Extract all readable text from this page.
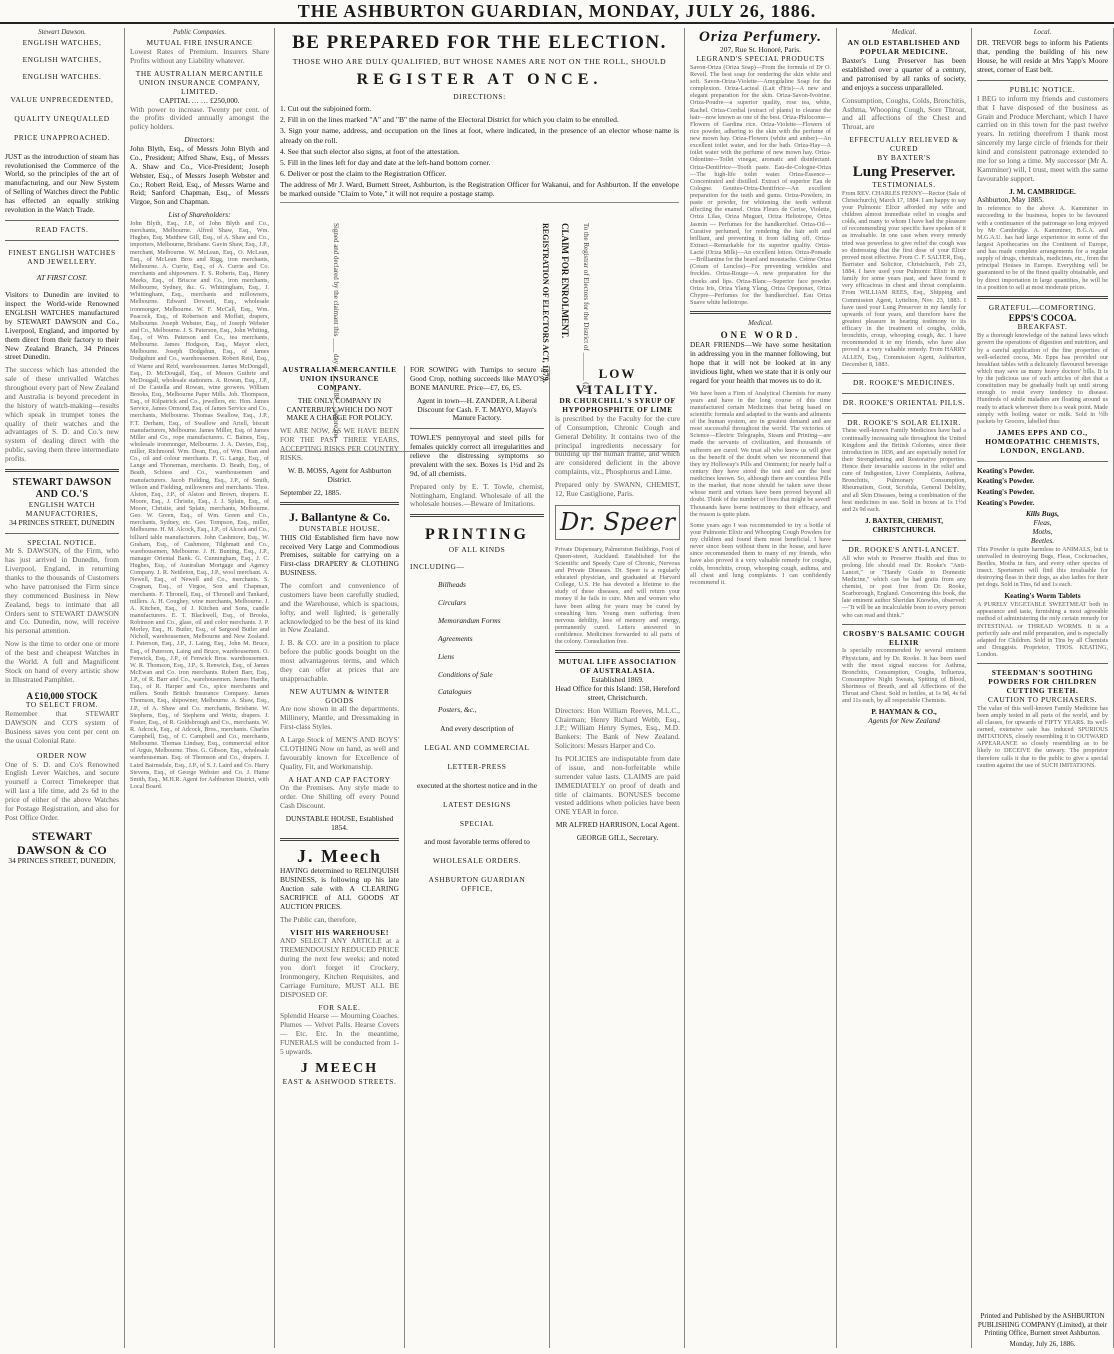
THE ASHBURTON GUARDIAN, MONDAY, JULY 26, 1886.
Stewart Dawson.
ENGLISH WATCHES,
ENGLISH WATCHES,
ENGLISH WATCHES.
VALUE UNPRECEDENTED,
QUALITY UNEQUALLED
PRICE UNAPPROACHED.

JUST as the introduction of steam has revolutionised the Commerce of the World, so the principles of the art of manufacturing, and our New System of Selling of Watches direct the Public has effected an equally striking revolution in the Watch Trade.

READ FACTS.
FINEST ENGLISH WATCHES AND JEWELLERY.
AT FIRST COST.

Visitors to Dunedin are invited to inspect the World-wide Renowned ENGLISH WATCHES manufactured by STEWART DAWSON and Co., Liverpool, England, and imported by them direct from their factory to their New Zealand Branch, 34 Princes street Dunedin.

The success which has attended the sale of these unrivalled Watches throughout every part of New Zealand and Australia is beyond precedent in the history of watch-making—results which speak in trumpet tones the quality of their watches and the advantages of S. D. and Co.'s new system of dealing direct with the public, saving them three intermediate profits.

STEWART DAWSON AND CO.'S
ENGLISH WATCH MANUFACTORIES,
34 PRINCES STREET, DUNEDIN
SPECIAL NOTICE.

Mr S. DAWSON, of the Firm, who has just arrived in Dunedin, from Liverpool, England, in returning thanks to the thousands of Customers who have patronised the Firm since they commenced Business in New Zealand, begs to intimate that all Orders sent to STEWART DAWSON and Co. Dunedin, now, will receive his personal attention.

Now is the time to order one or more of the best and cheapest Watches in the World. A full and Magnificent Stock on hand of every artistic show in Illustrated Pamphlet.

A £10,000 STOCK
TO SELECT FROM.

Remember that STEWART DAWSON and CO'S system of Business saves you cent per cent on the usual Colonial Rate.

ORDER NOW

One of S. D. and Co's Renowned English Lever Watches, and secure yourself a Correct Timekeeper that will last a life time, add 2s 6d to the price of either of the above Watches for Postage Registration, and also for Post Office Order.

STEWART DAWSON & CO
34 PRINCES STREET, DUNEDIN,
Public Companies.
MUTUAL FIRE INSURANCE

Lowest Rates of Premium. Insurers Share Profits without any Liability whatever.

THE AUSTRALIAN MERCANTILE UNION INSURANCE COMPANY, LIMITED.
CAPITAL … … £250,000.

With power to increase. Twenty per cent. of the profits divided annually amongst the policy holders.

Directors:

John Blyth, Esq., of Messrs John Blyth and Co., President; Alfred Shaw, Esq., of Messrs A. Shaw and Co., Vice-President; Joseph Webster, Esq., of Messrs Joseph Webster and Co.; Robert Reid, Esq., of Messrs Warne and Reid; Sanford Chapman, Esq., of Messrs Virgoe, Son and Chapman.

List of Shareholders:

John Blyth, Esq., J.P., of John Blyth and Co., merchants, Melbourne. Alfred Shaw, Esq., Wm. Hughes, Esq. Matthew Gill, Esq., of A. Shaw and Co., importers, Melbourne, Brisbane. Gavin Shaw, Esq., J.P., merchant, Melbourne. W. McLean, Esq., O. McLean, Esq., of McLean Bros and Rigg, iron merchants, Melbourne. A. Currie, Esq., of A. Currie and Co. merchants and shipowners. F. S. Roberts, Esq., Henry Meeks, Esq., of Briscoe and Co., iron merchants, Melbourne, Sydney, &c. G. Whittingham, Esq., J. Whittingham, Esq., merchants and millowners, Melbourne. Edward Dowsett, Esq., wholesale ironmonger, Melbourne. W. F. McCall, Esq., Wm. Peacock, Esq., of Robertson and Moffatt, drapers, Melbourne. Joseph Webster, Esq., of Joseph Webster and Co., Melbourne. J. S. Paterson, Esq., John Whiting, Esq., of Wm. Paterson and Co., tea merchants, Melbourne. James Hodgson, Esq., Mayor elect, Melbourne. Joseph Dodgshun, Esq., of James Dodgshun and Co., warehousemen. Robert Reid, Esq., of Warne and Reid, warehousemen. James McDongall, Esq., D. McDougall, Esq., of Messrs Guthrie and McDougall, wholesale stationers. A. Rowan, Esq., J.P., of De Castella and Rowan, wine growers. William Brooks, Esq., Melbourne Paper Mills. Job. Thompson, Esq., of Kilpatrick and Co., jewellers, etc. Hon. James Service, James Ormond, Esq. of James Service and Co., merchants, Melbourne. Thomas Swallow, Esq., J.P., F.T. Derham, Esq., of Swallow and Ariell, biscuit manufacturers, Melbourne. James Miller, Esq. of James Miller and Co., rope manufacturers. C. Baines, Esq., wholesale ironmonger, Melbourne. J. A. Davies, Esq., miller, Richmond. Wm. Dean, Esq., of Wm. Dean and Co., oil and colour merchants. F. G. Lange, Esq., of Lange and Thoneman, merchants. D. Beath, Esq., of Beath, Schiess and Co., warehousemen and manufacturers. Jacob Fielding, Esq., J.P., of Smith, Wilson and Fielding, millowners and merchants. Thos. Alston, Esq., J.P., of Alston and Brown, drapers. E. Moore, Esq., J. Christie, Esq., J. J. Splain, Esq., of Moore, Christie, and Splain, merchants, Melbourne. Geo. W. Green, Esq., of Wm. Green and Co., merchants, Sydney, etc. Geo. Tompson, Esq., miller, Melbourne. H. M. Alcock, Esq., J.P., of Alcock and Co., billiard table manufacturers. John Cashmore, Esq., W. Graham, Esq., of Cashmore, Tilghmatt and Co., warehousemen, Melbourne. J. H. Bunting, Esq., J.P., manager Oriental Bank. G. Cunningham, Esq., J. C. Hughes, Esq., of Australian Mortgage and Agency Company. J. R. Nettleton, Esq., J.P., wool merchant. A. Newell, Esq., of Newell and Co., merchants. S. Cragnan, Esq., of Virgoe, Son and Chapman, merchants. F. Thronell, Esq., of Thronell and Tankard, millers. A. H. Coughey, wine merchants, Melbourne. J. A. Kitchen, Esq., of J. Kitchen and Sons, candle manufacturers. E. T. Blackwell, Esq., of Brooks, Robinson and Co., glass, oil and color merchants. J. P. Morley, Esq., H. Butler, Esq., of Sargood Butler and Nicholl, warehousemen, Melbourne and New Zealand. J. Paterson, Esq., J.P., J. Laing, Esq., John M. Bruce, Esq., of Paterson, Laing and Bruce, warehousemen. O. Fenwick, Esq., J.P., of Fenwick Bros. warehousemen. W. R. Thomson, Esq., J.P., S. Renwick, Esq., of James McEwan and Co. iron merchants. Robert Barr, Esq., J.P., of R. Barr and Co., warehousemen. James Hardie, Esq., of R. Harper and Co., spice merchants and millers. South British Insurance Company. James Thomson, Esq., shipowner, Melbourne. A. Shaw, Esq., J.P., of A. Shaw and Co. merchants, Brisbane. W. Stephens, Esq., of Stephens and Weitz, drapers. J. Foster, Esq., of R. Goldsbrough and Co., merchants. W. R. Adcock, Esq., of Adcock, Bros., merchants. Charles Campbell, Esq., of C. Campbell and Co., merchants, Melbourne. Thomas Lindsay, Esq., commercial editor of Argus, Melbourne. Thos. G. Gibson, Esq., wholesale warehouseman. Esq. of Thomson and Co., drapers. J. Laird Bairnsdale, Esq., J.P., of S. J. Laird and Co. Harry Stevens, Esq., of George Webster and Co. J. Hume Smith, Esq., M.H.R. Agent for Ashburton District, with Local Board.

BE PREPARED FOR THE ELECTION.

THOSE WHO ARE DULY QUALIFIED, BUT WHOSE NAMES ARE NOT ON THE ROLL, SHOULD

REGISTER AT ONCE.
DIRECTIONS:

1. Cut out the subjoined form.

2. Fill in on the lines marked "A" and "B" the name of the Electoral District for which you claim to be enrolled.

3. Sign your name, address, and occupation on the lines at foot, where indicated, in the presence of an elector whose name is already on the roll.

4. See that such elector also signs, at foot of the attestation.

5. Fill in the lines left for day and date at the left-hand bottom corner.

6. Deliver or post the claim to the Registration Officer.

The address of Mr J. Ward, Burnett Street, Ashburton, is the Registration Officer for Wakanui, and for Ashburton. If the envelope be marked outside "Claim to Vote," it will not require a postage stamp.

REGISTRATION OF ELECTORS ACT, 1879. CLAIM FOR ENROLMENT. To the Registrar of Electors for the District of ________ (A)
Signed and declared by the claimant this ____ day of ____ 188 __ before me
AUSTRALIAN MERCANTILE UNION INSURANCE COMPANY.

THE ONLY COMPANY IN CANTERBURY WHICH DO NOT MAKE A CHARGE FOR POLICY.

WE ARE NOW, AS WE HAVE BEEN FOR THE PAST THREE YEARS, ACCEPTING RISKS PER COUNTRY RISKS.

W. B. MOSS, Agent for Ashburton District.

September 22, 1885.

J. Ballantyne & Co.
DUNSTABLE HOUSE.

THIS Old Established firm have now received Very Large and Commodious Premises, suitable for carrying on a First-class DRAPERY & CLOTHING BUSINESS.

The comfort and convenience of customers have been carefully studied, and the Warehouse, which is spacious, lofty, and well lighted, is generally acknowledged to be the best of its kind in New Zealand.

J. B. & CO. are in a position to place before the public goods bought on the most advantageous terms, and which they can offer at prices that are unapproachable.

NEW AUTUMN & WINTER GOODS

Are now shown in all the departments. Millinery, Mantle, and Dressmaking in First-class Styles.

A Large Stock of MEN'S AND BOYS' CLOTHING Now on hand, as well and favourably known for Excellence of Quality, Fit, and Workmanship.

A HAT AND CAP FACTORY

On the Premises. Any style made to order. One Shilling off every Pound Cash Discount.

DUNSTABLE HOUSE, Established 1854.

J. Meech

HAVING determined to RELINQUISH BUSINESS, is following up his late Auction sale with A CLEARING SACRIFICE of ALL GOODS AT AUCTION PRICES.

The Public can, therefore,

VISIT HIS WAREHOUSE!

AND SELECT ANY ARTICLE at a TREMENDOUSLY REDUCED PRICE during the next few weeks; and noted you don't forget it! Crockery, Ironmongery, Kitchen Requisites, and Carriage Furniture, MUST ALL BE DISPOSED OF.

FOR SALE.

Splendid Hearse — Mourning Coaches. Plumes — Velvet Palls. Hearse Covers — Etc. Etc. In the meantime, FUNERALS will be conducted from 1-5 upwards.

J MEECH
EAST & ASHWOOD STREETS.

FOR SOWING with Turnips to secure a Good Crop, nothing succeeds like MAYO'S BONE MANURE. Price—£7, £6, £5.

Agent in town—H. ZANDER, A Liberal Discount for Cash. F. T. MAYO, Mayo's Manure Factory.

TOWLE'S pennyroyal and steel pills for females quickly correct all irregularities and relieve the distressing symptoms so prevalent with the sex. Boxes 1s 1½d and 2s 9d, of all chemists.

Prepared only by E. T. Towle, chemist, Nottingham, England. Wholesale of all the wholesale houses.—Beware of Imitations.

PRINTING
OF ALL KINDS
INCLUDING—
Billheads
Circulars
Memorandum Forms
Agreements
Liens
Conditions of Sale
Catalogues
Posters, &c.,
And every description of
LEGAL AND COMMERCIAL
LETTER-PRESS
executed at the shortest notice and in the
LATEST DESIGNS
SPECIAL
and most favorable terms offered to
WHOLESALE ORDERS.
ASHBURTON GUARDIAN
OFFICE,
LOW VITALITY.
DR CHURCHILL'S SYRUP OF HYPOPHOSPHITE OF LIME

is prescribed by the Faculty for the cure of Consumption, Chronic Cough and General Debility. It contains two of the principal ingredients necessary for building up the human frame, and which are considered deficient in the above complaints, viz., Phosphorus and Lime.

Prepared only by SWANN, CHEMIST, 12, Rue Castiglione, Paris.

Dr. Speer

Private Dispensary, Palmerston Buildings, Foot of Queen-street, Auckland. Established for the Scientific and Speedy Cure of Chronic, Nervous and Private Diseases. Dr. Speer is a regularly educated physician, and graduated at Harvard College, U.S. He has devoted a lifetime to the study of these diseases, and will return your money if he fails to cure. Men and women who have been ailing for years may be cured by consulting him. Young men suffering from nervous debility, loss of memory and energy, permanently cured. Letters answered in confidence. Medicines forwarded to all parts of the colony. Consultation free.

MUTUAL LIFE ASSOCIATION OF AUSTRALASIA.
Established 1869.

Head Office for this Island: 158, Hereford street, Christchurch.

Directors: Hon William Reeves, M.L.C., Chairman; Henry Richard Webb, Esq., J.P.; William Henry Symes, Esq., M.D. Bankers: The Bank of New Zealand. Solicitors: Messrs Harper and Co.

Its POLICIES are indisputable from date of issue, and non-forfeitable while surrender value lasts. CLAIMS are paid IMMEDIATELY on proof of death and title of claimants. BONUSES become vested additions when policies have been ONE YEAR in force.

MR ALFRED HARRISON, Local Agent.

GEORGE GILL, Secretary.

Oriza Perfumery.
207, Rue St. Honoré, Paris.
LEGRAND'S SPECIAL PRODUCTS

Savon-Oriza (Oriza Soap)—From the formula of Dr O. Reveil. The best soap for rendering the skin white and soft. Savon-Oriza-Violette—Amygdaline Soap for the complexion. Oriza-Lacteal (Lait d'Iris)—A new and elegant preparation for the skin. Oriza-Savon-Ivoirine. Oriza-Poudre—a superior quality, rose tea, white, Rachel. Oriza-Cordial (extract of plants) to cleanse the hair—now known as one of the best. Oriza-Philocome—Flowers of Gardina rice. Oriza-Violette—Flowers of rice powder, adhering to the skin with the perfume of new mown hay. Oriza-Flowers (white and amber)—An excellent toilet water, and for the bath. Oriza-Hay—A toilet water with the perfume of new mown hay. Oriza-Odontine—Toilet vinegar, aromatic and disinfectant. Oriza-Dentifrice—Tooth paste. Eau-de-Cologne-Oriza—The high-life toilet water. Oriza-Essence—Concentrated and distilled. Extract of superior Eau de Cologne. Gouttes-Oriza-Dentifrice—An excellent preparation for the teeth and gums. Oriza-Powders, in paste or powder, for whitening the teeth without affecting the enamel. Oriza Fleurs de Cerise, Violette, Oriza Lilas, Oriza Muguet, Oriza Heliotrope, Oriza Jasmin — Perfumes for the handkerchief. Oriza-Oil—Curative perfumed, for rendering the hair soft and brilliant, and preventing it from falling off. Oriza-Extract—Remarkable for its superior quality. Oriza-Lacté (Oriza Milk)—An excellent lotion. Oriza-Pomade—Brilliantine for the beard and moustache. Crème Oriza (Cream of Lenclos)—For preventing wrinkles and freckles. Oriza-Rouge—A new preparation for the cheeks and lips. Oriza-Blanc—Superior face powder. Oriza Iris, Oriza Ylang Ylang, Oriza Opoponax, Oriza Chypre—Perfumes for the handkerchief. Eau Oriza Suave white heliotrope.

Medical.
ONE WORD.

DEAR FRIENDS—We have some hesitation in addressing you in the manner following, but hope that it will not be looked at in any invidious light, when we state that it is only our regard for your health that moves us to do it.

We have been a Firm of Analytical Chemists for many years and have in the long course of this time manufactured certain Medicines that being based on scientific formula and adapted to the wants and ailments of the human system, are in greatest demand and are most successful throughout the world. The victories of Science—Electric Telegraphs, Steam and Printing—are made the servants of civilization, and thousands of sufferers are cured. We trust all who know us will give us the benefit of the doubt when we recommend that they try Holloway's Pills and Ointment; for nearly half a century they have stood the test and are the best medicines known. So, although there are countless Pills in the market, that none should be taken save those whose merit and virtues have been proved beyond all doubt. Think of the number of lives that might be saved! Thousands have borne testimony to their efficacy, and the reason is quite plain.

Some years ago I was recommended to try a bottle of your Pulmonic Elixir and Whooping Cough Powders for my children and found them most beneficial. I have never since been without them in the house, and have since recommended them to many of my friends, who have also proved it a very valuable remedy for coughs, colds, bronchitis, croup, whooping cough, asthma, and all chest and lung complaints. I can confidently recommend it.

Medical.
AN OLD ESTABLISHED AND POPULAR MEDICINE.

Baxter's Lung Preserver has been established over a quarter of a century, and patronised by all ranks of society, and enjoys a success unparalleled.

Consumption, Coughs, Colds, Bronchitis, Asthma, Whooping Cough, Sore Throat, and all affections of the Chest and Throat, are

EFFECTUALLY RELIEVED & CURED
BY BAXTER'S
Lung Preserver.
TESTIMONIALS.

From REV. CHARLES FENNY—Rector (Sale of Christchurch), March 17, 1884. I am happy to say your Pulmonic Elixir afforded my wife and children almost immediate relief in coughs and colds, and many to whom I have had the pleasure of recommending your specific have spoken of it as invaluable. In one case when every remedy tried was powerless to give relief the cough was so distressing that the first dose of your Elixir proved most effective. From C. F. SALTER, Esq., Barrister and Solicitor, Christchurch, Feb 23, 1884. I have used your Pulmonic Elixir in my family for some years past, and have found it very efficacious in chest and throat complaints. From WILLIAM REES, Esq., Shipping and Commission Agent, Lyttelton, Nov. 23, 1883. I have used your Lung Preserver in my family for upwards of four years, and therefore have the greatest pleasure in bearing testimony to its efficacy in the treatment of coughs, colds, bronchitis, croup, whooping cough, &c. I have recommended it to my friends, who have also proved it a very valuable remedy. From HARRY ALLEN, Esq., Commission Agent, Ashburton, December 8, 1883.

DR. ROOKE'S MEDICINES.
DR. ROOKE'S ORIENTAL PILLS.
DR. ROOKE'S SOLAR ELIXIR.

These well-known Family Medicines have had a continually increasing sale throughout the United Kingdom and the British Colonies, since their introduction in 1836, and are especially noted for their Strengthening and Restorative properties. Hence their invariable success in the relief and cure of Indigestion, Liver Complaints, Asthma, Bronchitis, Pulmonary Consumption, Rheumatism, Gout, Scrofula, General Debility, and all Skin Diseases, being a combination of the best medicines in use. Sold in boxes at 1s 1½d and 2s 9d each.

J. BAXTER, CHEMIST, CHRISTCHURCH.
DR. ROOKE'S ANTI-LANCET.

All who wish to Preserve Health and thus to prolong life should read Dr. Rooke's "Anti-Lancet," or "Handy Guide to Domestic Medicine," which can be had gratis from any chemist, or post free from Dr. Rooke, Scarborough, England. Concerning this book, the late eminent author Sheridan Knowles, observed:—"It will be an incalculable boon to every person who can read and think."

CROSBY'S BALSAMIC COUGH ELIXIR

Is specially recommended by several eminent Physicians, and by Dr. Rooke. It has been used with the most signal success for Asthma, Bronchitis, Consumption, Coughs, Influenza, Consumptive Night Sweats, Spitting of Blood, Shortness of Breath, and all Affections of the Throat and Chest. Sold in bottles, at 1s 9d, 4s 6d and 11s each, by all respectable Chemists.

P. HAYMAN & CO.,
Agents for New Zealand
Local.

DR. TREVOR begs to inform his Patients that, pending the building of his new House, he will reside at Mrs Yapp's Moore street, corner of East belt.

PUBLIC NOTICE.

I BEG to inform my friends and customers that I have disposed of the business as Grain and Produce Merchant, which I have carried on in this town for the past twelve years. In retiring therefrom I thank most sincerely my large circle of friends for their kind and consistent patronage extended to me for so long a time. My successor (Mr A. Kamminer) will, I trust, meet with the same favourable support.

J. M. CAMBRIDGE.
Ashburton, May 1885.

In reference to the above A. Kamminer in succeeding to the business, hopes to be favoured with a continuance of the patronage so long enjoyed by Mr Cambridge. A. Kamminer, B.G.A. and M.G.A.U. has had large experience in some of the largest Apothecaries on the Continent of Europe, and has made complete arrangements for a regular supply of drugs, chemicals, medicines, etc., from the principal Houses in Europe. Everything will be guaranteed to be of the finest quality obtainable, and by direct importation in large quantities, he will be in a position to sell at most moderate prices.

GRATEFUL—COMFORTING.
EPPS'S COCOA.
BREAKFAST.

By a thorough knowledge of the natural laws which govern the operations of digestion and nutrition, and by a careful application of the fine properties of well-selected cocoa, Mr. Epps has provided our breakfast tables with a delicately flavoured beverage which may save us many heavy doctors' bills. It is by the judicious use of such articles of diet that a constitution may be gradually built up until strong enough to resist every tendency to disease. Hundreds of subtle maladies are floating around us ready to attack wherever there is a weak point. Made simply with boiling water or milk. Sold in ½lb packets by Grocers, labelled thus:

JAMES EPPS AND CO., HOMŒOPATHIC CHEMISTS, LONDON, ENGLAND.
Keating's Powder.
Keating's Powder.
Keating's Powder.
Keating's Powder.
Kills Bugs,
Fleas,
Moths,
Beetles.

This Powder is quite harmless to ANIMALS, but is unrivalled in destroying Bugs, Fleas, Cockroaches, Beetles, Moths in furs, and every other species of insect. Sportsmen will find this invaluable for destroying fleas in their dogs, as also ladies for their pet dogs. Sold in Tins, 6d and 1s each.

Keating's Worm Tablets

A PURELY VEGETABLE SWEETMEAT both in appearance and taste, furnishing a most agreeable method of administering the only certain remedy for INTESTINAL or THREAD WORMS. It is a perfectly safe and mild preparation, and is especially adapted for Children. Sold in Tins by all Chemists and Druggists. Proprietor, THOS. KEATING, London.

STEEDMAN'S SOOTHING POWDERS FOR CHILDREN CUTTING TEETH.
CAUTION TO PURCHASERS.

The value of this well-known Family Medicine has been amply tested in all parts of the world, and by all classes, for upwards of FIFTY YEARS. Its well-earned, extensive sale has induced SPURIOUS IMITATIONS, closely resembling it in OUTWARD APPEARANCE so closely resembling as to be likely to DECEIVE the unwary. The proprietor therefore calls it due to the public to give a special caution against the use of SUCH IMITATIONS.

Printed and Published by the ASHBURTON PUBLISHING COMPANY (Limited), at their Printing Office, Burnett street Ashburton.
Monday, July 26, 1886.
